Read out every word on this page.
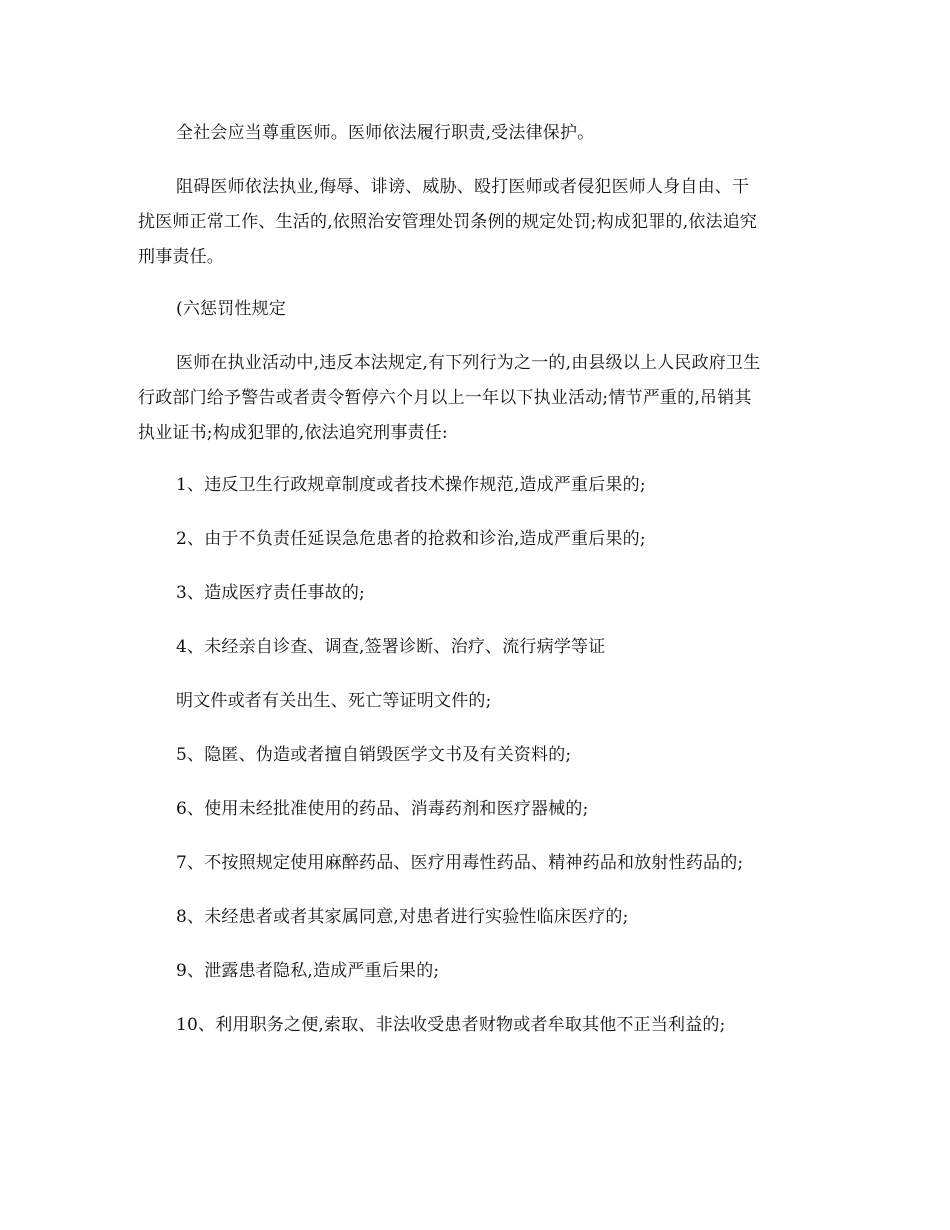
全社会应当尊重医师。医师依法履行职责,受法律保护。
阻碍医师依法执业,侮辱、诽谤、威胁、殴打医师或者侵犯医师人身自由、干
扰医师正常工作、生活的,依照治安管理处罚条例的规定处罚;构成犯罪的,依法追究
刑事责任。
(六惩罚性规定
医师在执业活动中,违反本法规定,有下列行为之一的,由县级以上人民政府卫生
行政部门给予警告或者责令暂停六个月以上一年以下执业活动;情节严重的,吊销其
执业证书;构成犯罪的,依法追究刑事责任:
1、违反卫生行政规章制度或者技术操作规范,造成严重后果的;
2、由于不负责任延误急危患者的抢救和诊治,造成严重后果的;
3、造成医疗责任事故的;
4、未经亲自诊查、调查,签署诊断、治疗、流行病学等证
明文件或者有关出生、死亡等证明文件的;
5、隐匿、伪造或者擅自销毁医学文书及有关资料的;
6、使用未经批准使用的药品、消毒药剂和医疗器械的;
7、不按照规定使用麻醉药品、医疗用毒性药品、精神药品和放射性药品的;
8、未经患者或者其家属同意,对患者进行实验性临床医疗的;
9、泄露患者隐私,造成严重后果的;
10、利用职务之便,索取、非法收受患者财物或者牟取其他不正当利益的;
